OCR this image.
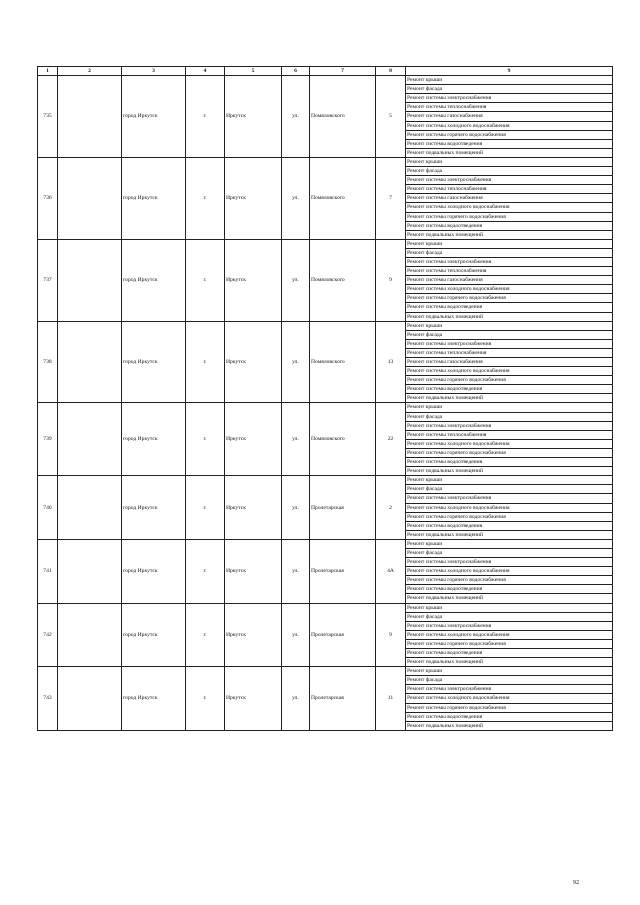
1	2	3	4	5	6	7	8	9
735		город Иркутск	г.	Иркутск	ул.	Помяловского	5	Ремонт крыши
								Ремонт фасада
								Ремонт системы электроснабжения
								Ремонт системы теплоснабжения
								Ремонт системы газоснабжения
								Ремонт системы холодного водоснабжения
								Ремонт системы горячего водоснабжения
								Ремонт системы водоотведения
								Ремонт подвальных помещений
736		город Иркутск	г.	Иркутск	ул.	Помяловского	7	Ремонт крыши
								Ремонт фасада
								Ремонт системы электроснабжения
								Ремонт системы теплоснабжения
								Ремонт системы газоснабжения
								Ремонт системы холодного водоснабжения
								Ремонт системы горячего водоснабжения
								Ремонт системы водоотведения
								Ремонт подвальных помещений
737		город Иркутск	г.	Иркутск	ул.	Помяловского	9	Ремонт крыши
								Ремонт фасада
								Ремонт системы электроснабжения
								Ремонт системы теплоснабжения
								Ремонт системы газоснабжения
								Ремонт системы холодного водоснабжения
								Ремонт системы горячего водоснабжения
								Ремонт системы водоотведения
								Ремонт подвальных помещений
738		город Иркутск	г.	Иркутск	ул.	Помяловского	13	Ремонт крыши
								Ремонт фасада
								Ремонт системы электроснабжения
								Ремонт системы теплоснабжения
								Ремонт системы газоснабжения
								Ремонт системы холодного водоснабжения
								Ремонт системы горячего водоснабжения
								Ремонт системы водоотведения
								Ремонт подвальных помещений
739		город Иркутск	г.	Иркутск	ул.	Помяловского	22	Ремонт крыши
								Ремонт фасада
								Ремонт системы электроснабжения
								Ремонт системы теплоснабжения
								Ремонт системы холодного водоснабжения
								Ремонт системы горячего водоснабжения
								Ремонт системы водоотведения
								Ремонт подвальных помещений
740		город Иркутск	г.	Иркутск	ул.	Пролетарская	2	Ремонт крыши
								Ремонт фасада
								Ремонт системы электроснабжения
								Ремонт системы холодного водоснабжения
								Ремонт системы горячего водоснабжения
								Ремонт системы водоотведения
								Ремонт подвальных помещений
741		город Иркутск	г.	Иркутск	ул.	Пролетарская	4А	Ремонт крыши
								Ремонт фасада
								Ремонт системы электроснабжения
								Ремонт системы холодного водоснабжения
								Ремонт системы горячего водоснабжения
								Ремонт системы водоотведения
								Ремонт подвальных помещений
742		город Иркутск	г.	Иркутск	ул.	Пролетарская	9	Ремонт крыши
								Ремонт фасада
								Ремонт системы электроснабжения
								Ремонт системы холодного водоснабжения
								Ремонт системы горячего водоснабжения
								Ремонт системы водоотведения
								Ремонт подвальных помещений
743		город Иркутск	г.	Иркутск	ул.	Пролетарская	11	Ремонт крыши
								Ремонт фасада
								Ремонт системы электроснабжения
								Ремонт системы холодного водоснабжения
								Ремонт системы горячего водоснабжения
								Ремонт системы водоотведения
								Ремонт подвальных помещений
92
